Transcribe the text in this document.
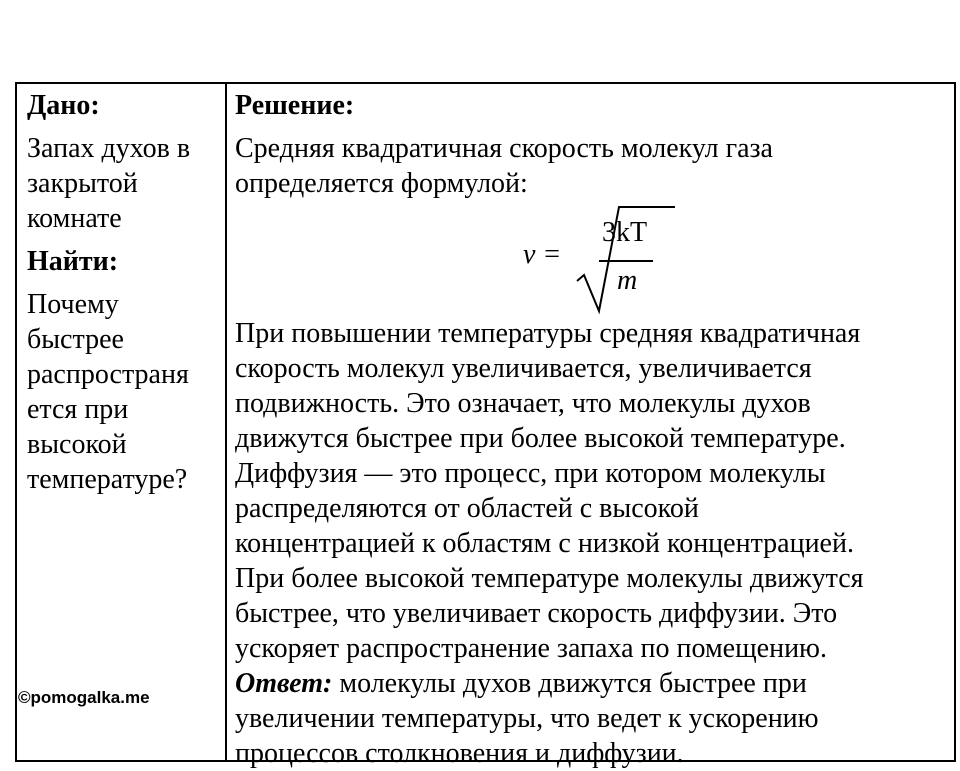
Дано:
Запах духов в
закрытой
комнате
Найти:
Почему
быстрее
распространя
ется при
высокой
температуре?
Решение:
Средняя квадратичная скорость молекул газа
определяется формулой:
v =
3kT
m
При повышении температуры средняя квадратичная
скорость молекул увеличивается, увеличивается
подвижность. Это означает, что молекулы духов
движутся быстрее при более высокой температуре.
Диффузия — это процесс, при котором молекулы
распределяются от областей с высокой
концентрацией к областям с низкой концентрацией.
При более высокой температуре молекулы движутся
быстрее, что увеличивает скорость диффузии. Это
ускоряет распространение запаха по помещению.
Ответ: молекулы духов движутся быстрее при
увеличении температуры, что ведет к ускорению
процессов столкновения и диффузии.
©pomogalka.me
